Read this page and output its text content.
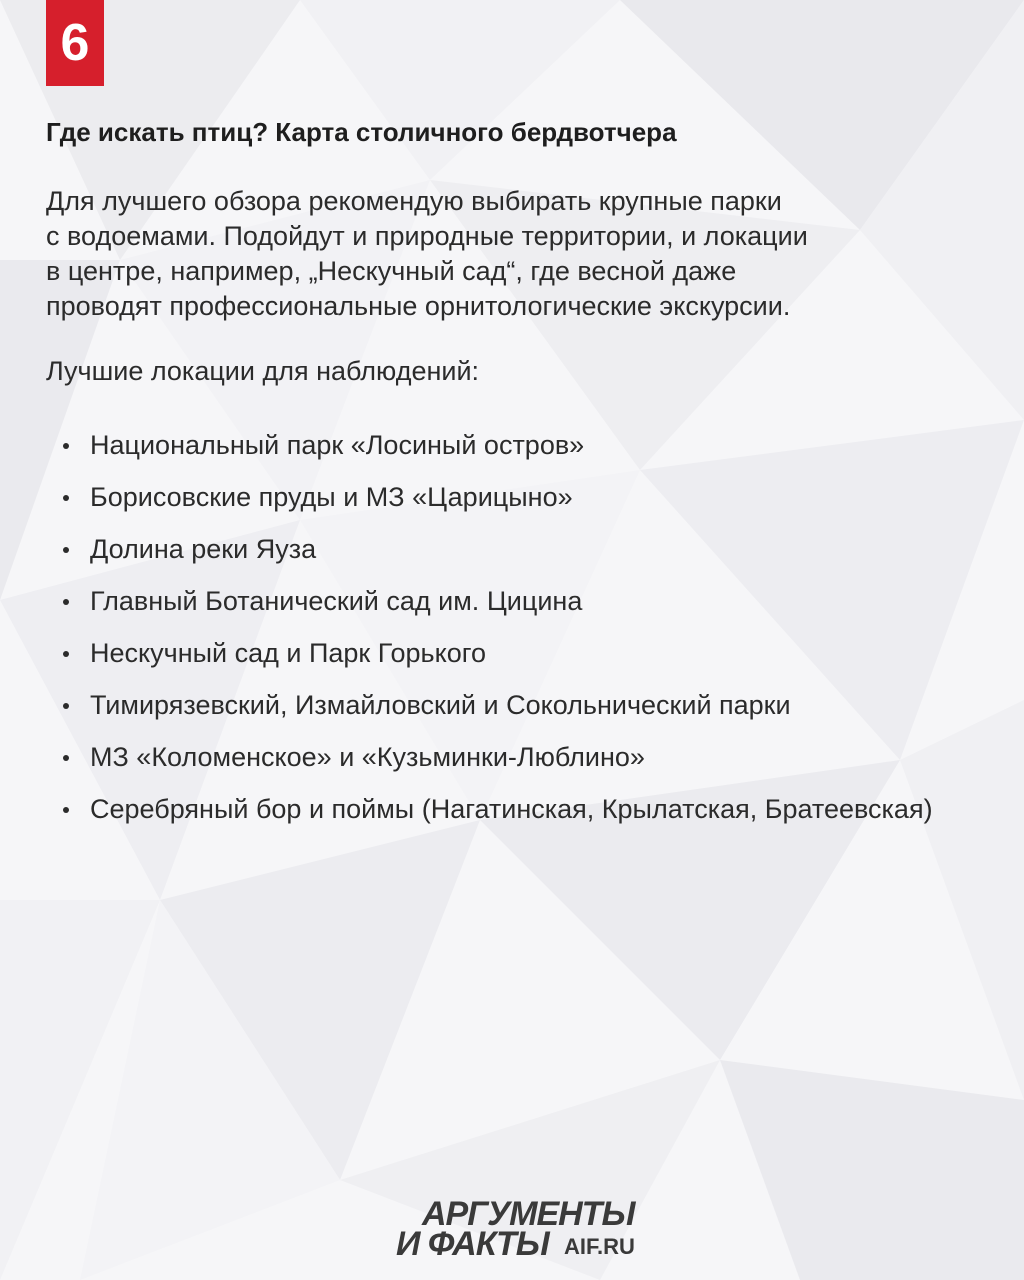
6
Где искать птиц? Карта столичного бердвотчера

Для лучшего обзора рекомендую выбирать крупные парки
с водоемами. Подойдут и природные территории, и локации
в центре, например, „Нескучный сад“, где весной даже
проводят профессиональные орнитологические экскурсии.

Лучшие локации для наблюдений:

Национальный парк «Лосиный остров»
Борисовские пруды и МЗ «Царицыно»
Долина реки Яуза
Главный Ботанический сад им. Цицина
Нескучный сад и Парк Горького
Тимирязевский, Измайловский и Сокольнический парки
МЗ «Коломенское» и «Кузьминки-Люблино»
Серебряный бор и поймы (Нагатинская, Крылатская, Братеевская)
АРГУМЕНТЫ
И ФАКТЫ AIF.RU
